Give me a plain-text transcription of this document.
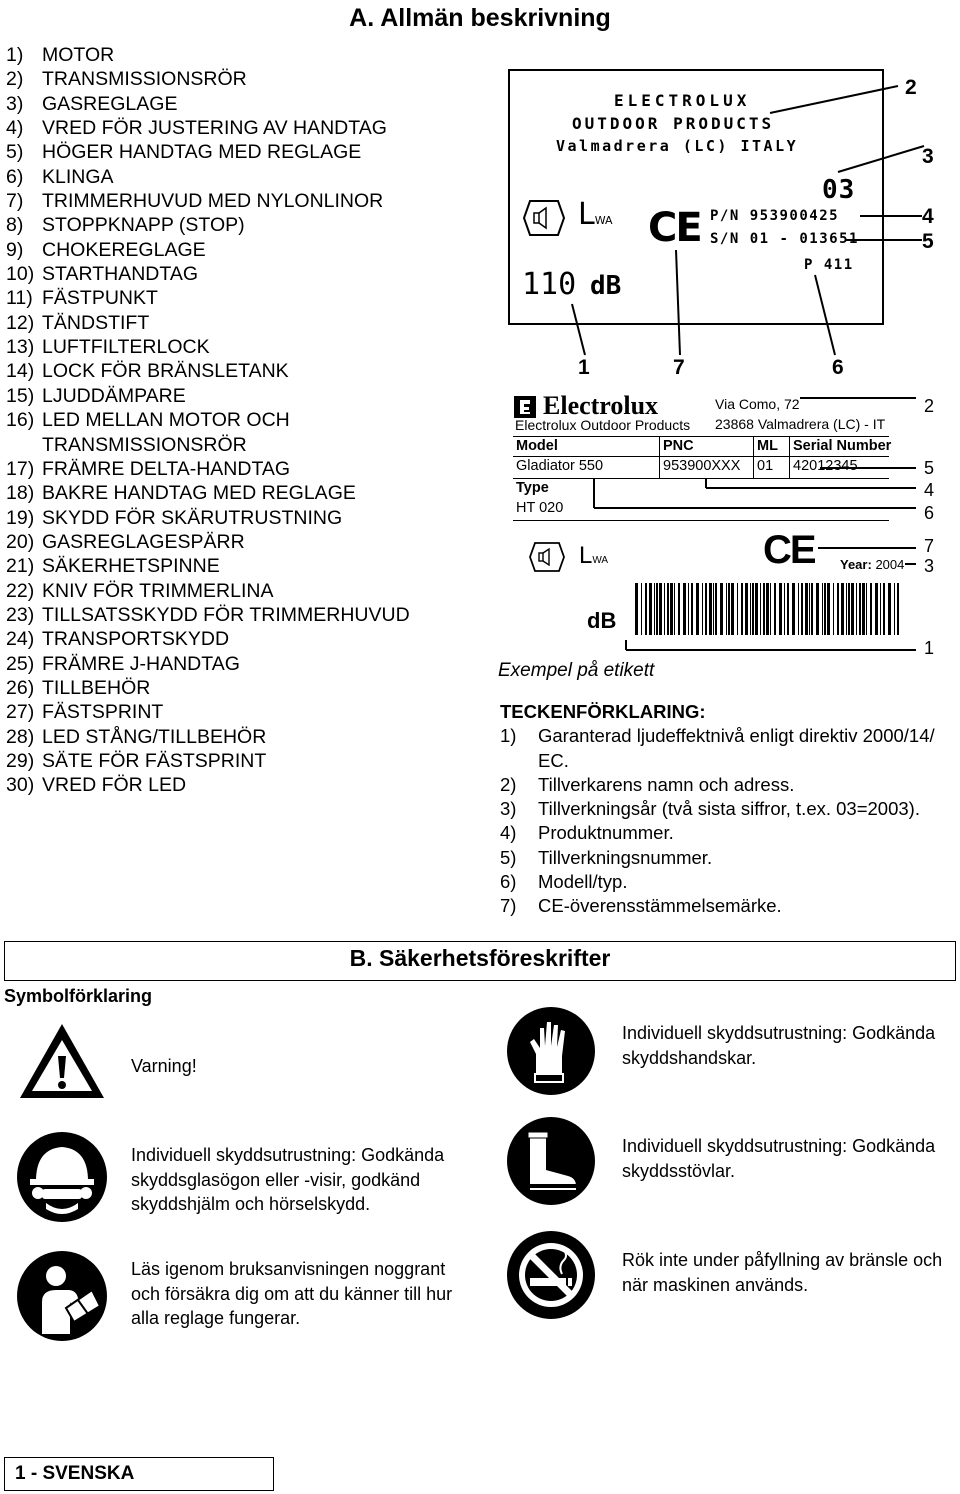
A. Allmän beskrivning
1) MOTOR
2) TRANSMISSIONSRÖR
3) GASREGLAGE
4) VRED FÖR JUSTERING AV HANDTAG
5) HÖGER HANDTAG MED REGLAGE
6) KLINGA
7) TRIMMERHUVUD MED NYLONLINOR
8) STOPPKNAPP (STOP)
9) CHOKEREGLAGE
10) STARTHANDTAG
11) FÄSTPUNKT
12) TÄNDSTIFT
13) LUFTFILTERLOCK
14) LOCK FÖR BRÄNSLETANK
15) LJUDDÄMPARE
16) LED MELLAN MOTOR OCH
TRANSMISSIONSRÖR
17) FRÄMRE DELTA-HANDTAG
18) BAKRE HANDTAG MED REGLAGE
19) SKYDD FÖR SKÄRUTRUSTNING
20) GASREGLAGESPÄRR
21) SÄKERHETSPINNE
22) KNIV FÖR TRIMMERLINA
23) TILLSATSSKYDD FÖR TRIMMERHUVUD
24) TRANSPORTSKYDD
25) FRÄMRE J-HANDTAG
26) TILLBEHÖR
27) FÄSTSPRINT
28) LED STÅNG/TILLBEHÖR
29) SÄTE FÖR FÄSTSPRINT
30) VRED FÖR LED
ELECTROLUX
OUTDOOR PRODUCTS
Valmadrera (LC) ITALY
03
P/N 953900425
S/N 01 - 013651
P 411
LWA
110 dB
CE
2
3
4
5
1	7	6
Electrolux
Electrolux Outdoor Products
Via Como, 72
23868 Valmadrera (LC) - IT
Model	PNC	ML Serial Number
Gladiator 550	953900XXX 01 42012345
Type
HT 020
LWA
dB
CE Year: 2004
2
5
4
6
7
3
1
Exempel på etikett
TECKENFÖRKLARING:
1)	Garanterad ljudeffektnivå enligt direktiv 2000/14/
EC.
2)	Tillverkarens namn och adress.
3)	Tillverkningsår (två sista siffror, t.ex. 03=2003).
4)	Produktnummer.
5)	Tillverkningsnummer.
6)	Modell/typ.
7)	CE-överensstämmelsemärke.
B. Säkerhetsföreskrifter
Symbolförklaring
Varning!
Individuell skyddsutrustning: Godkända
skyddshandskar.
Individuell skyddsutrustning: Godkända
skyddsglasögon eller -visir, godkänd
skyddshjälm och hörselskydd.
Individuell skyddsutrustning: Godkända
skyddsstövlar.
Läs igenom bruksanvisningen noggrant
och försäkra dig om att du känner till hur
alla reglage fungerar.
Rök inte under påfyllning av bränsle och
när maskinen används.
1 - SVENSKA
